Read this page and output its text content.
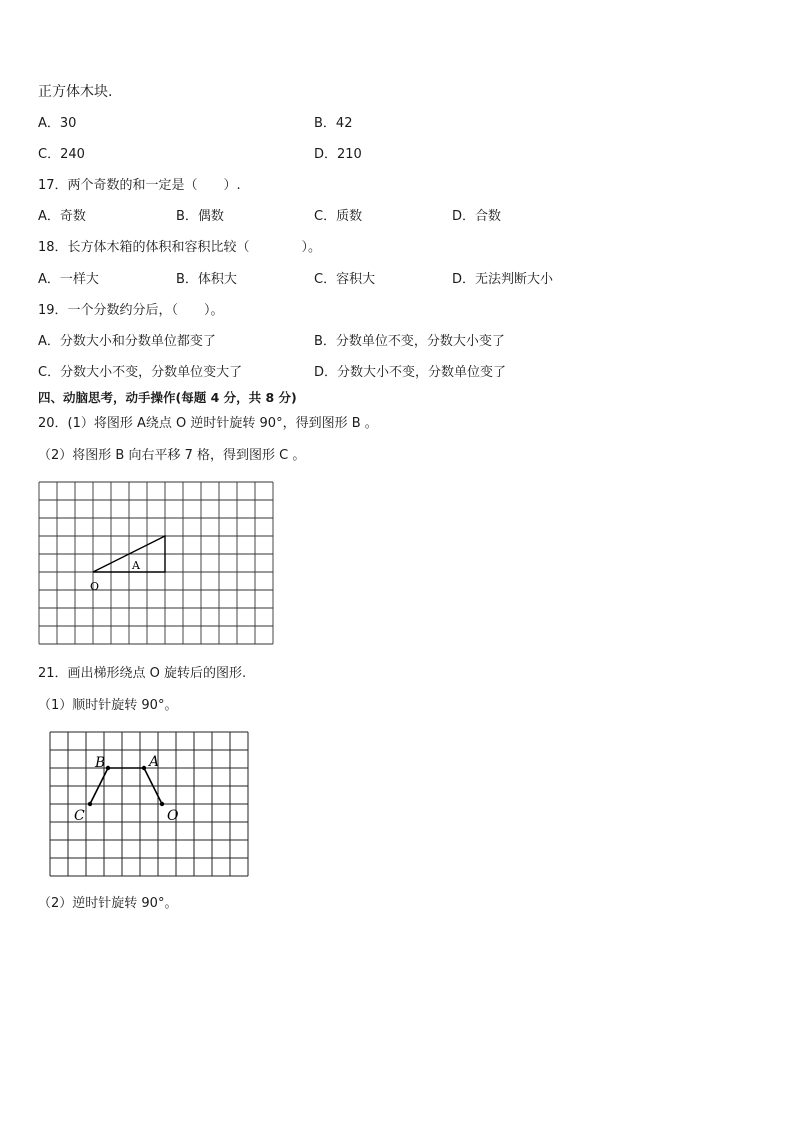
正方体木块.
A．30	B．42
C．240	D．210
17．两个奇数的和一定是（　　）.
A．奇数	B．偶数	C．质数	D．合数
18．长方体木箱的体积和容积比较（　　　　）。
A．一样大	B．体积大	C．容积大	D．无法判断大小
19．一个分数约分后，（　　）。
A．分数大小和分数单位都变了	B．分数单位不变，分数大小变了
C．分数大小不变，分数单位变大了	D．分数大小不变，分数单位变了
四、动脑思考，动手操作(每题 4 分，共 8 分)
20．(1）将图形 A绕点 O 逆时针旋转 90°，得到图形 B 。
（2）将图形 B 向右平移 7 格，得到图形 C 。
A
O
21．画出梯形绕点 O 旋转后的图形.
（1）顺时针旋转 90°。
B	A
C	O
（2）逆时针旋转 90°。
